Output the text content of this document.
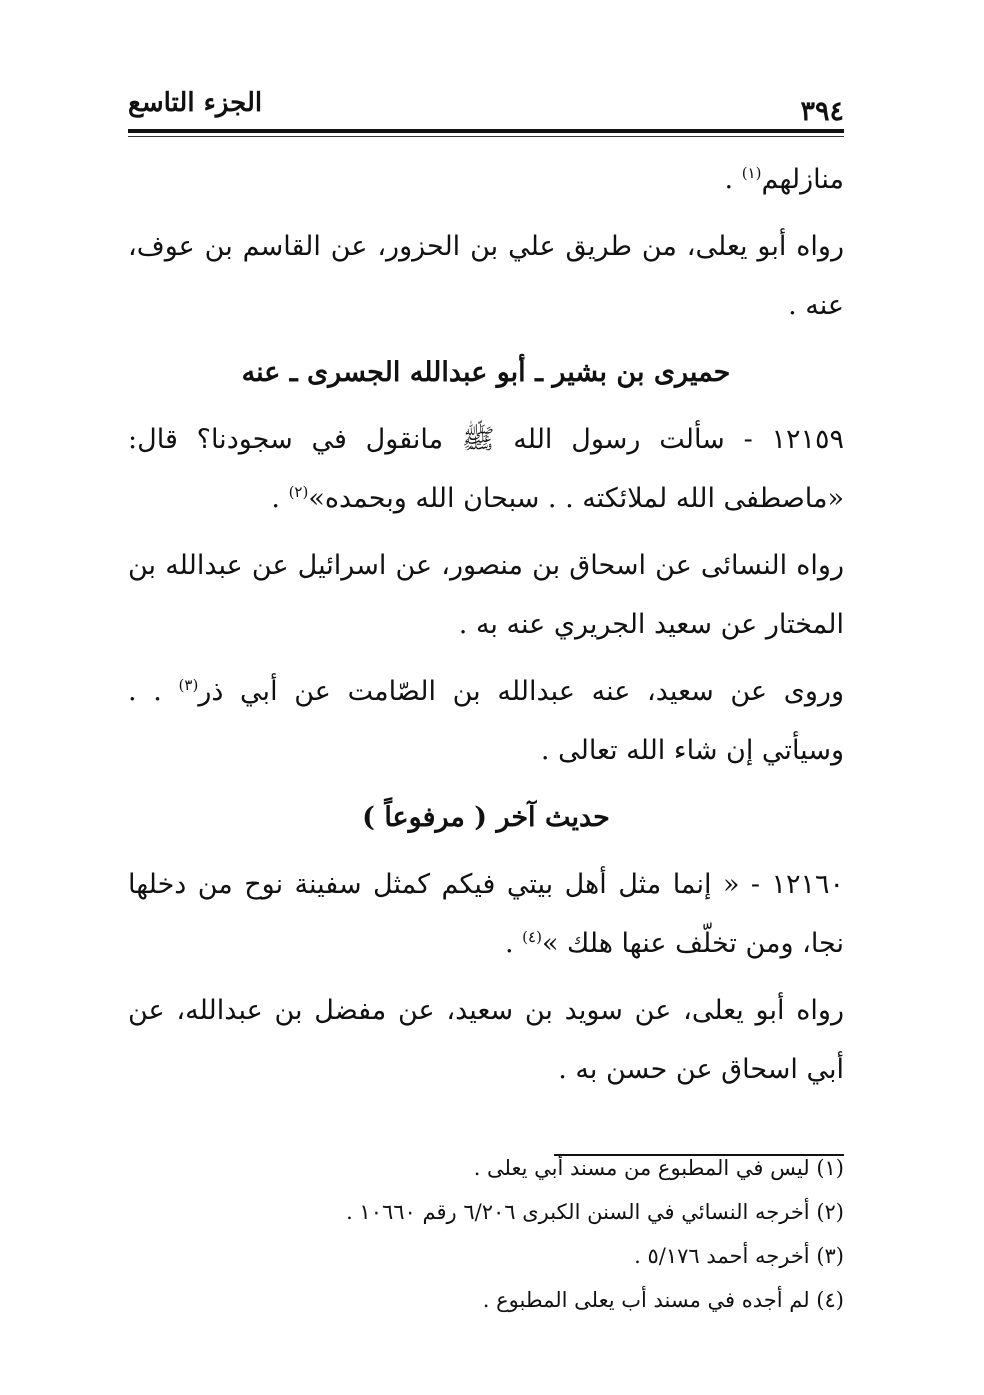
٣٩٤
الجزء التاسع

منازلهم$^{(١)}$ .

رواه أبو يعلى، من طريق علي بن الحزور، عن القاسم بن عوف، عنه .

حميرى بن بشير ـ أبو عبدالله الجسرى ـ عنه

١٢١٥٩ - سألت رسول الله ﷺ مانقول في سجودنا؟ قال: «ماصطفى الله لملائكته . . سبحان الله وبحمده»$^{(٢)}$ .

رواه النسائى عن اسحاق بن منصور، عن اسرائيل عن عبدالله بن المختار عن سعيد الجريري عنه به .

وروى عن سعيد، عنه عبدالله بن الصّامت عن أبي ذر$^{(٣)}$ . . وسيأتي إن شاء الله تعالى .

حديث آخر ( مرفوعاً )

١٢١٦٠ - « إنما مثل أهل بيتي فيكم كمثل سفينة نوح من دخلها نجا، ومن تخلّف عنها هلك »$^{(٤)}$ .

رواه أبو يعلى، عن سويد بن سعيد، عن مفضل بن عبدالله، عن أبي اسحاق عن حسن به .

(١) ليس في المطبوع من مسند أبي يعلى .

(٢) أخرجه النسائي في السنن الكبرى ٦/٢٠٦ رقم ١٠٦٦٠ .

(٣) أخرجه أحمد ٥/١٧٦ .

(٤) لم أجده في مسند أب يعلى المطبوع .
